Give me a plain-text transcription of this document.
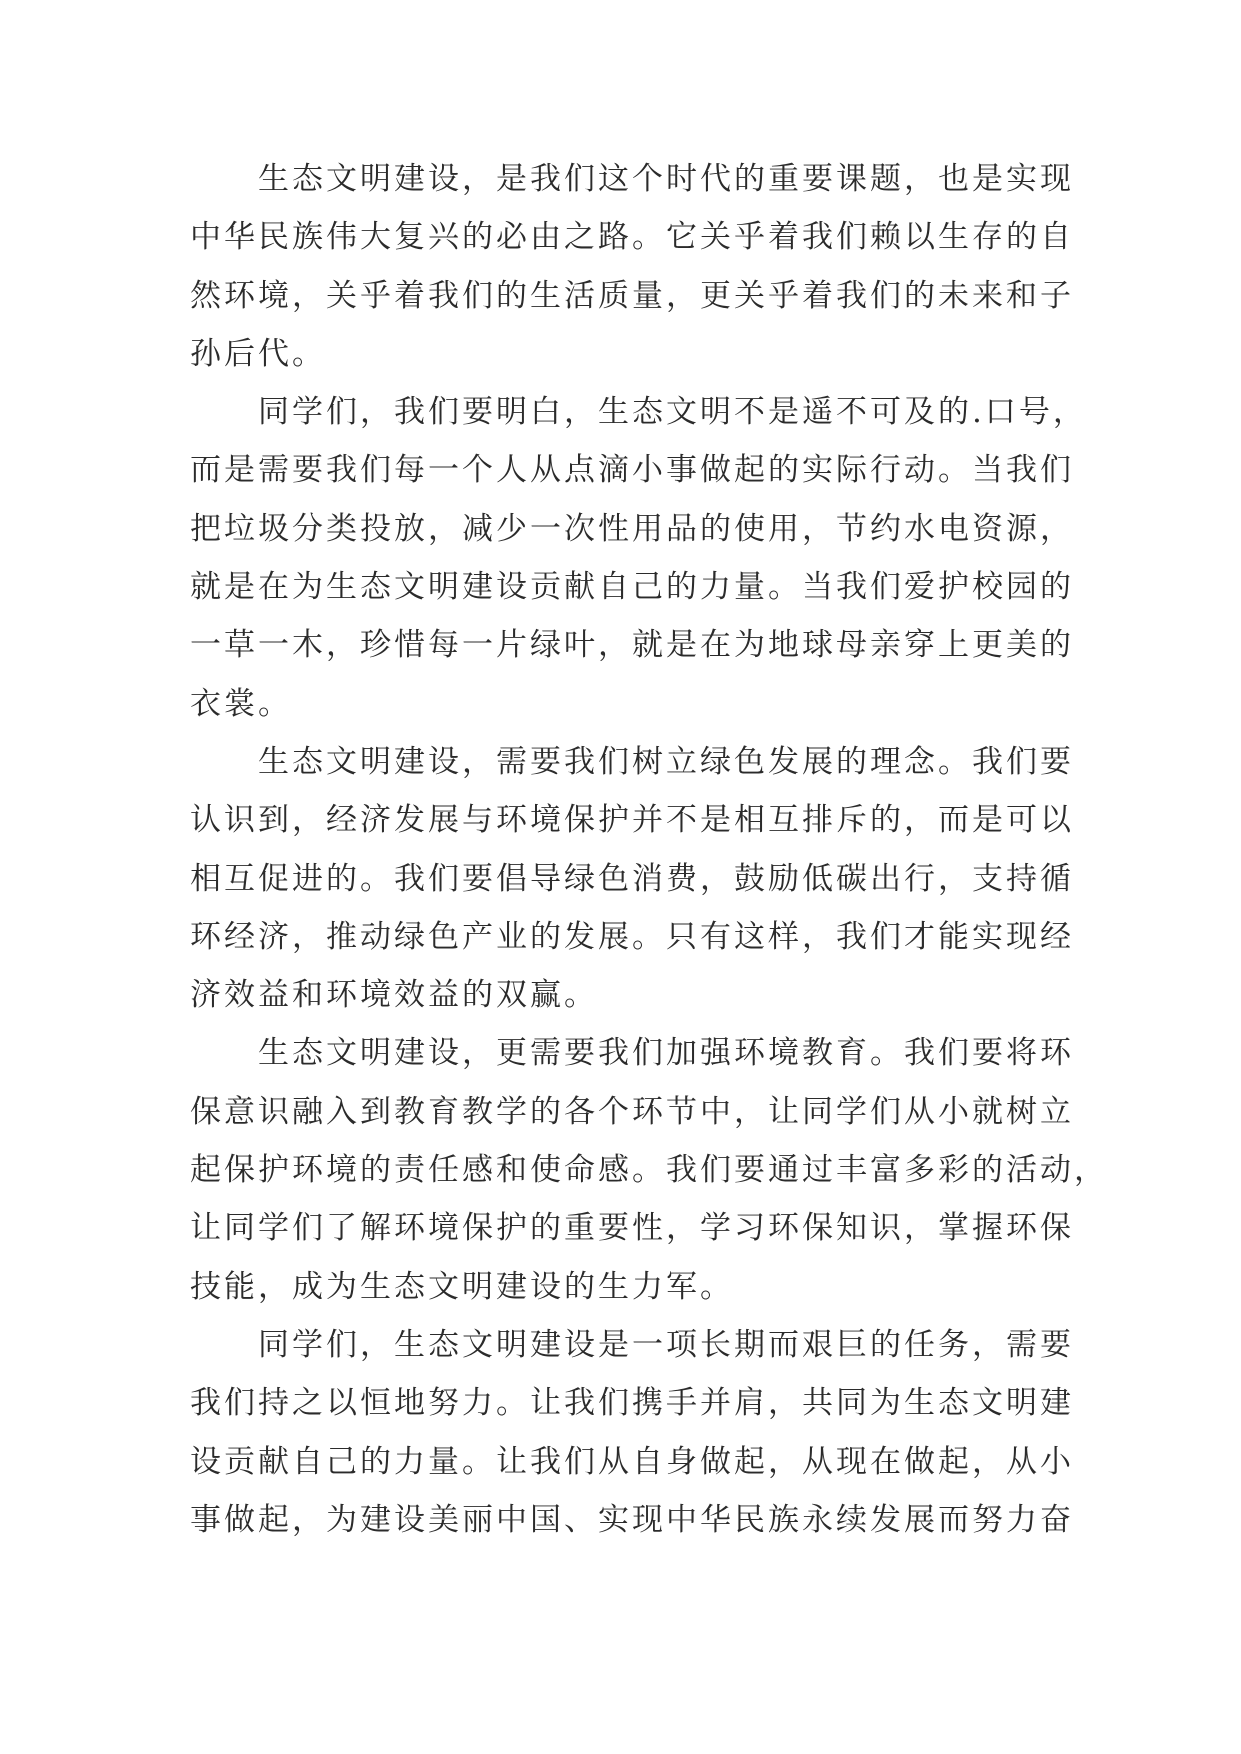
生态文明建设，是我们这个时代的重要课题，也是实现
中华民族伟大复兴的必由之路。它关乎着我们赖以生存的自
然环境，关乎着我们的生活质量，更关乎着我们的未来和子
孙后代。
同学们，我们要明白，生态文明不是遥不可及的.口号，
而是需要我们每一个人从点滴小事做起的实际行动。当我们
把垃圾分类投放，减少一次性用品的使用，节约水电资源，
就是在为生态文明建设贡献自己的力量。当我们爱护校园的
一草一木，珍惜每一片绿叶，就是在为地球母亲穿上更美的
衣裳。
生态文明建设，需要我们树立绿色发展的理念。我们要
认识到，经济发展与环境保护并不是相互排斥的，而是可以
相互促进的。我们要倡导绿色消费，鼓励低碳出行，支持循
环经济，推动绿色产业的发展。只有这样，我们才能实现经
济效益和环境效益的双赢。
生态文明建设，更需要我们加强环境教育。我们要将环
保意识融入到教育教学的各个环节中，让同学们从小就树立
起保护环境的责任感和使命感。我们要通过丰富多彩的活动，
让同学们了解环境保护的重要性，学习环保知识，掌握环保
技能，成为生态文明建设的生力军。
同学们，生态文明建设是一项长期而艰巨的任务，需要
我们持之以恒地努力。让我们携手并肩，共同为生态文明建
设贡献自己的力量。让我们从自身做起，从现在做起，从小
事做起，为建设美丽中国、实现中华民族永续发展而努力奋
